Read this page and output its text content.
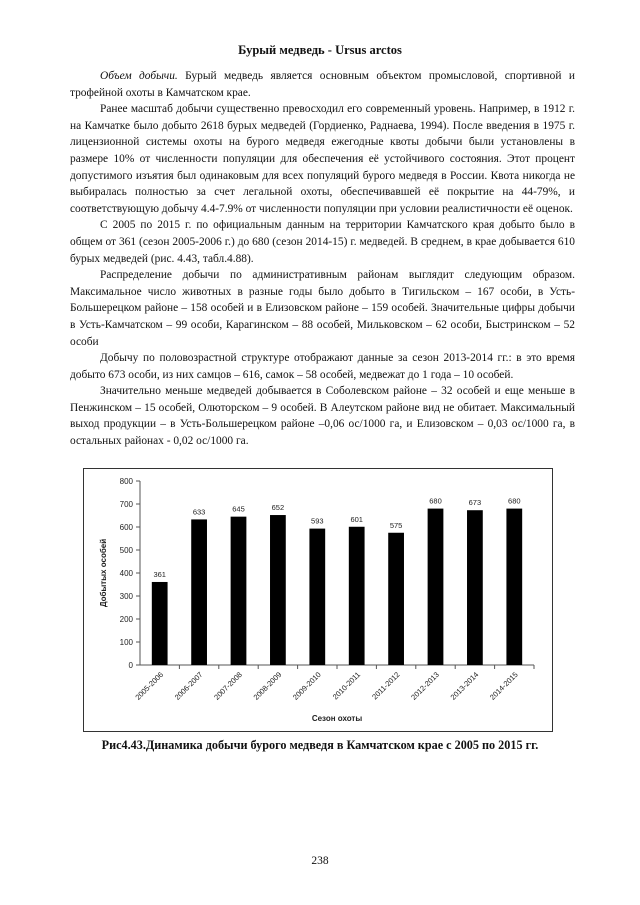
Бурый медведь - Ursus arctos

Объем добычи. Бурый медведь является основным объектом промысловой, спортивной и трофейной охоты в Камчатском крае.

Ранее масштаб добычи существенно превосходил его современный уровень. Например, в 1912 г. на Камчатке было добыто 2618 бурых медведей (Гордиенко, Раднаева, 1994). После введения в 1975 г. лицензионной системы охоты на бурого медведя ежегодные квоты добычи были установлены в размере 10% от численности популяции для обеспечения её устойчивого состояния. Этот процент допустимого изъятия был одинаковым для всех популяций бурого медведя в России. Квота никогда не выбиралась полностью за счет легальной охоты, обеспечивавшей её покрытие на 44-79%, и соответствующую добычу 4.4-7.9% от численности популяции при условии реалистичности её оценок.

С 2005 по 2015 г. по официальным данным на территории Камчатского края добыто было в общем от 361 (сезон 2005-2006 г.) до 680 (сезон 2014-15) г. медведей. В среднем, в крае добывается 610 бурых медведей (рис. 4.43, табл.4.88).

Распределение добычи по административным районам выглядит следующим образом. Максимальное число животных в разные годы было добыто в Тигильском – 167 особи, в Усть-Большерецком районе – 158 особей и в Елизовском районе – 159 особей. Значительные цифры добычи в Усть-Камчатском – 99 особи, Карагинском – 88 особей, Мильковском – 62 особи, Быстринском – 52 особи

Добычу по половозрастной структуре отображают данные за сезон 2013-2014 гг.: в это время добыто 673 особи, из них самцов – 616, самок – 58 особей, медвежат до 1 года – 10 особей.

Значительно меньше медведей добывается в Соболевском районе – 32 особей и еще меньше в Пенжинском – 15 особей, Олюторском – 9 особей. В Алеутском районе вид не обитает. Максимальный выход продукции – в Усть-Большерецком районе –0,06 ос/1000 га, и Елизовском – 0,03 ос/1000 га, в остальных районах - 0,02 ос/1000 га.

0
100
200
300
400
500
600
700
800
361
2005-2006
633
2006-2007
645
2007-2008
652
2008-2009
593
2009-2010
601
2010-2011
575
2011-2012
680
2012-2013
673
2013-2014
680
2014-2015
Сезон охоты
Добытых особей

Рис4.43.Динамика добычи бурого медведя в Камчатском крае с 2005 по 2015 гг.

238
